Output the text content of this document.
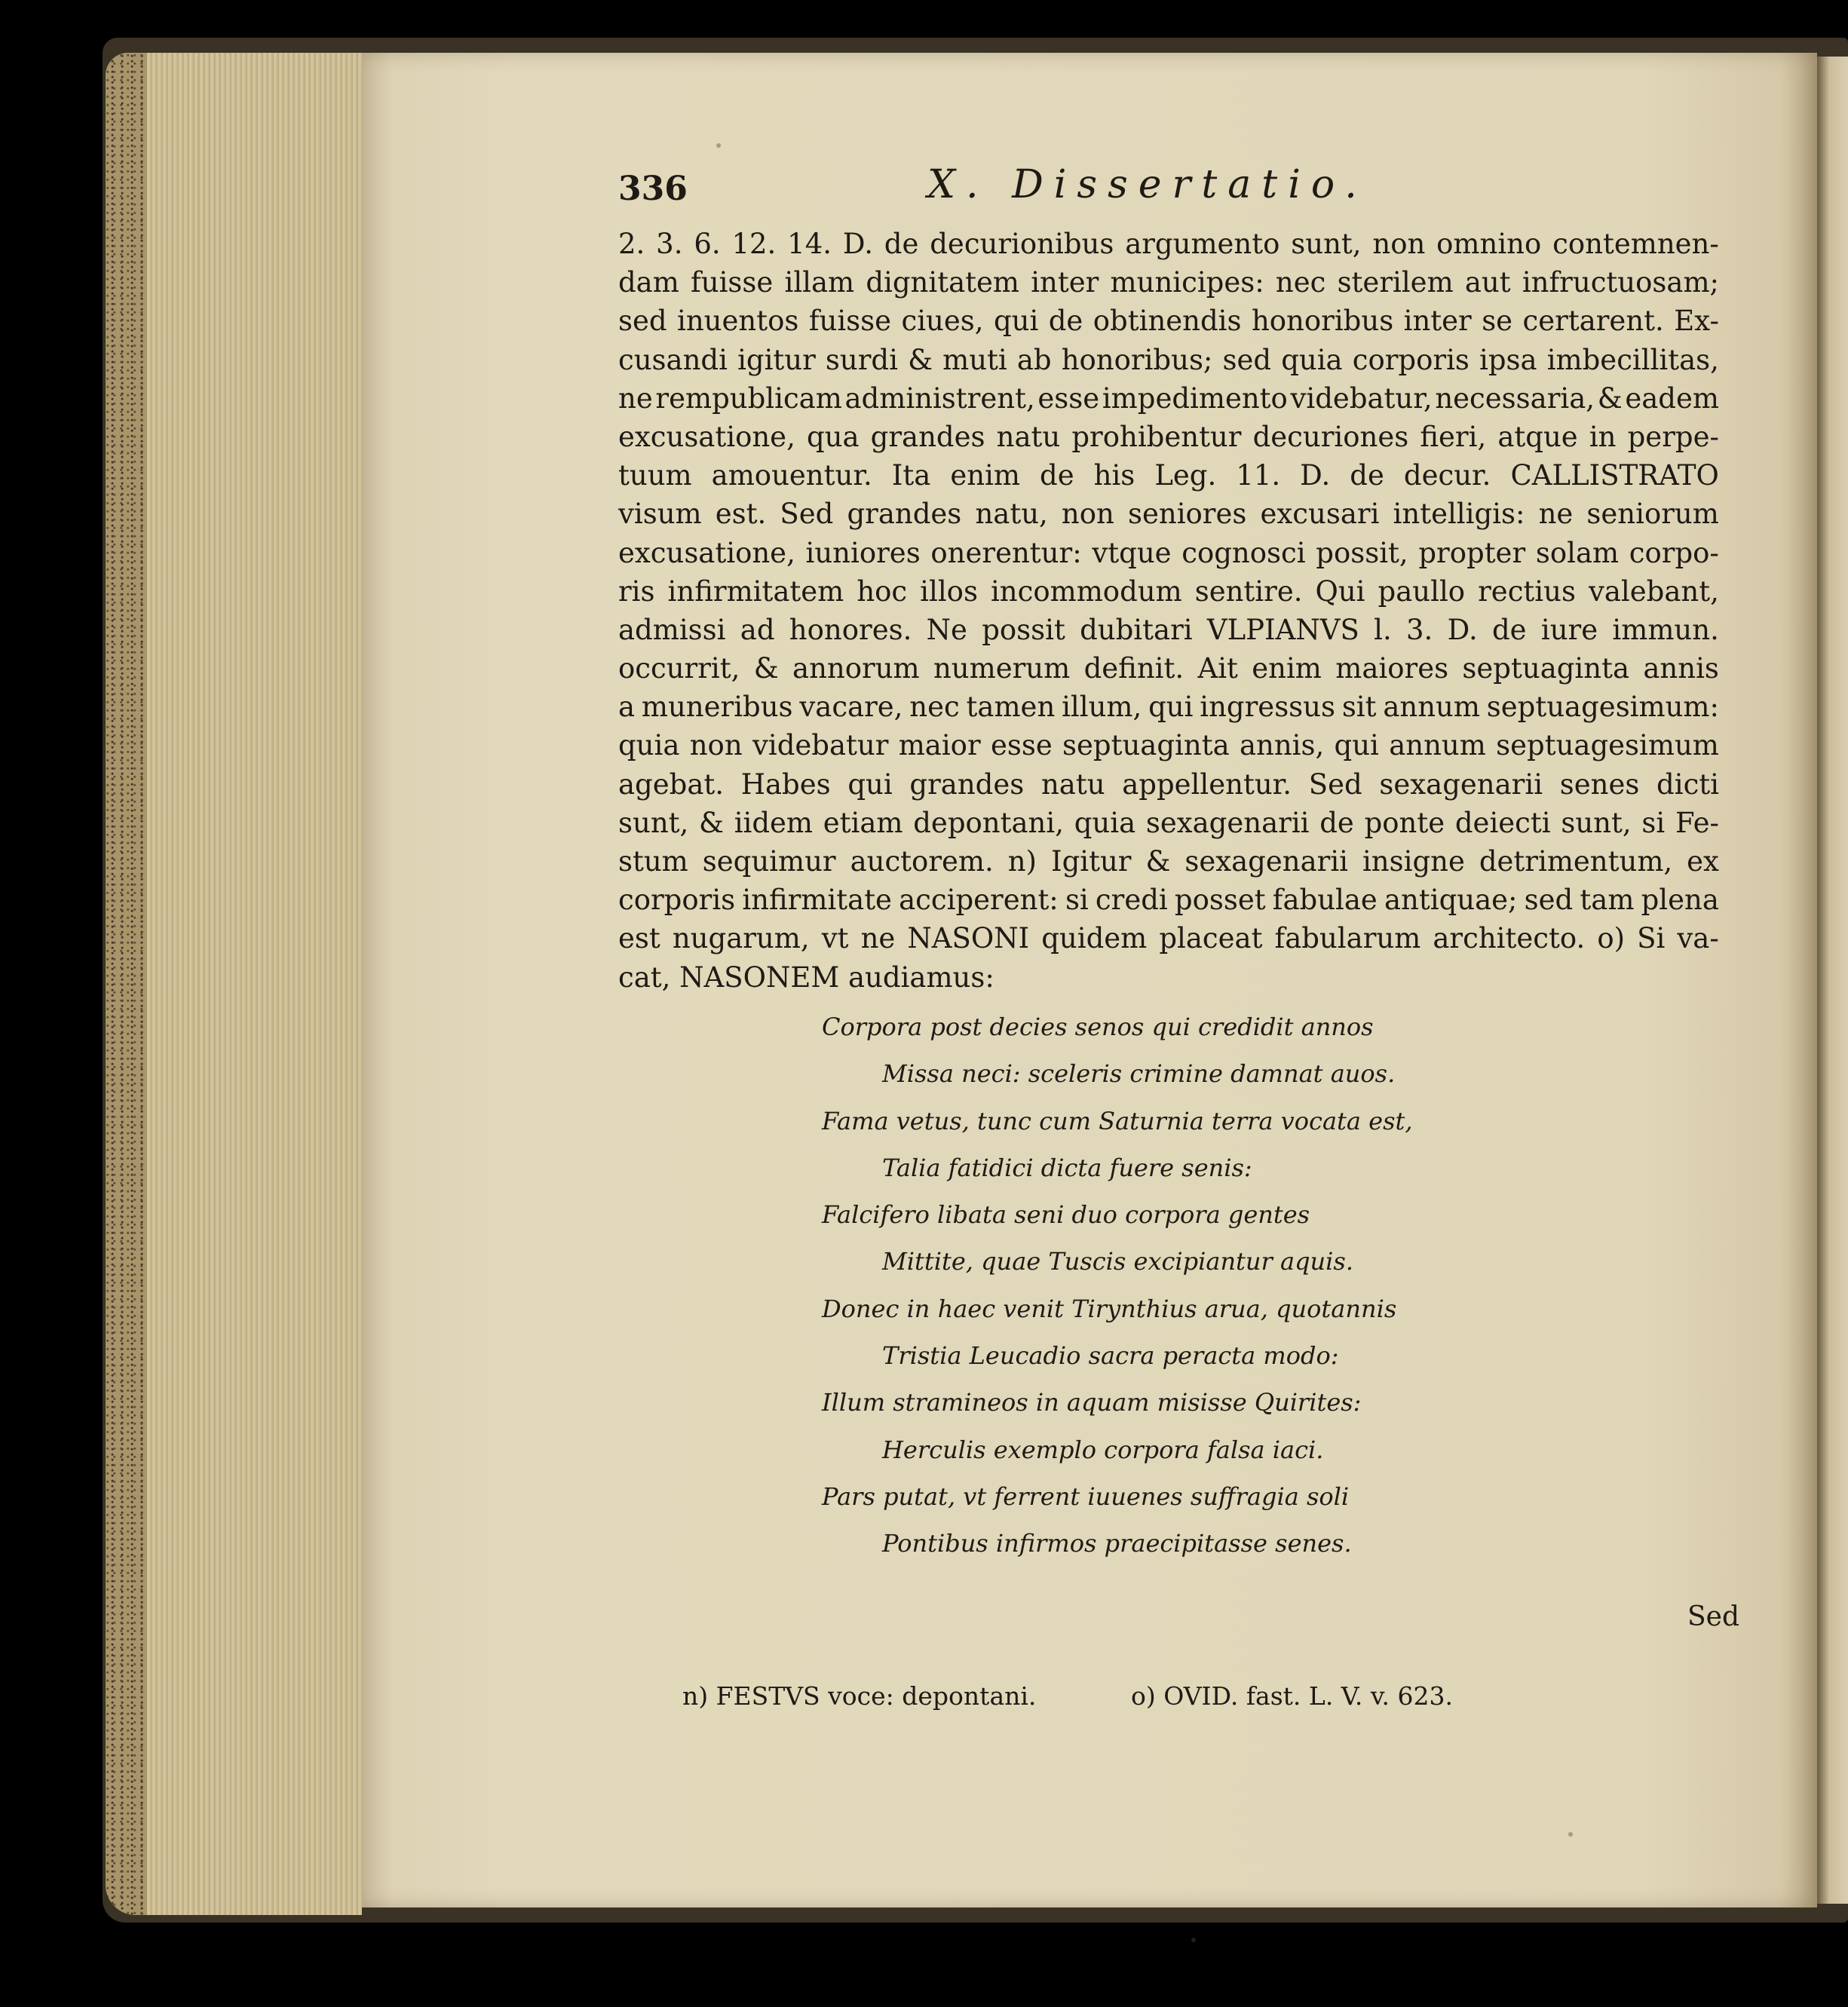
336	X. Dissertatio.
2. 3. 6. 12. 14. D. de decurionibus argumento sunt, non omnino contemnen-
dam fuisse illam dignitatem inter municipes: nec sterilem aut infructuosam;
sed inuentos fuisse ciues, qui de obtinendis honoribus inter se certarent. Ex-
cusandi igitur surdi & muti ab honoribus; sed quia corporis ipsa imbecillitas,
ne rempublicam administrent, esse impedimento videbatur, necessaria, & eadem
excusatione, qua grandes natu prohibentur decuriones fieri, atque in perpe-
tuum amouentur. Ita enim de his Leg. 11. D. de decur. CALLISTRATO
visum est. Sed grandes natu, non seniores excusari intelligis: ne seniorum
excusatione, iuniores onerentur: vtque cognosci possit, propter solam corpo-
ris infirmitatem hoc illos incommodum sentire. Qui paullo rectius valebant,
admissi ad honores. Ne possit dubitari VLPIANVS l. 3. D. de iure immun.
occurrit, & annorum numerum definit. Ait enim maiores septuaginta annis
a muneribus vacare, nec tamen illum, qui ingressus sit annum septuagesimum:
quia non videbatur maior esse septuaginta annis, qui annum septuagesimum
agebat. Habes qui grandes natu appellentur. Sed sexagenarii senes dicti
sunt, & iidem etiam depontani, quia sexagenarii de ponte deiecti sunt, si Fe-
stum sequimur auctorem. n) Igitur & sexagenarii insigne detrimentum, ex
corporis infirmitate acciperent: si credi posset fabulae antiquae; sed tam plena
est nugarum, vt ne NASONI quidem placeat fabularum architecto. o) Si va-
cat, NASONEM audiamus:
Corpora post decies senos qui credidit annos
Missa neci: sceleris crimine damnat auos.
Fama vetus, tunc cum Saturnia terra vocata est,
Talia fatidici dicta fuere senis:
Falcifero libata seni duo corpora gentes
Mittite, quae Tuscis excipiantur aquis.
Donec in haec venit Tirynthius arua, quotannis
Tristia Leucadio sacra peracta modo:
Illum stramineos in aquam misisse Quirites:
Herculis exemplo corpora falsa iaci.
Pars putat, vt ferrent iuuenes suffragia soli
Pontibus infirmos praecipitasse senes.
Sed
n) FESTVS voce: depontani.	o) OVID. fast. L. V. v. 623.
